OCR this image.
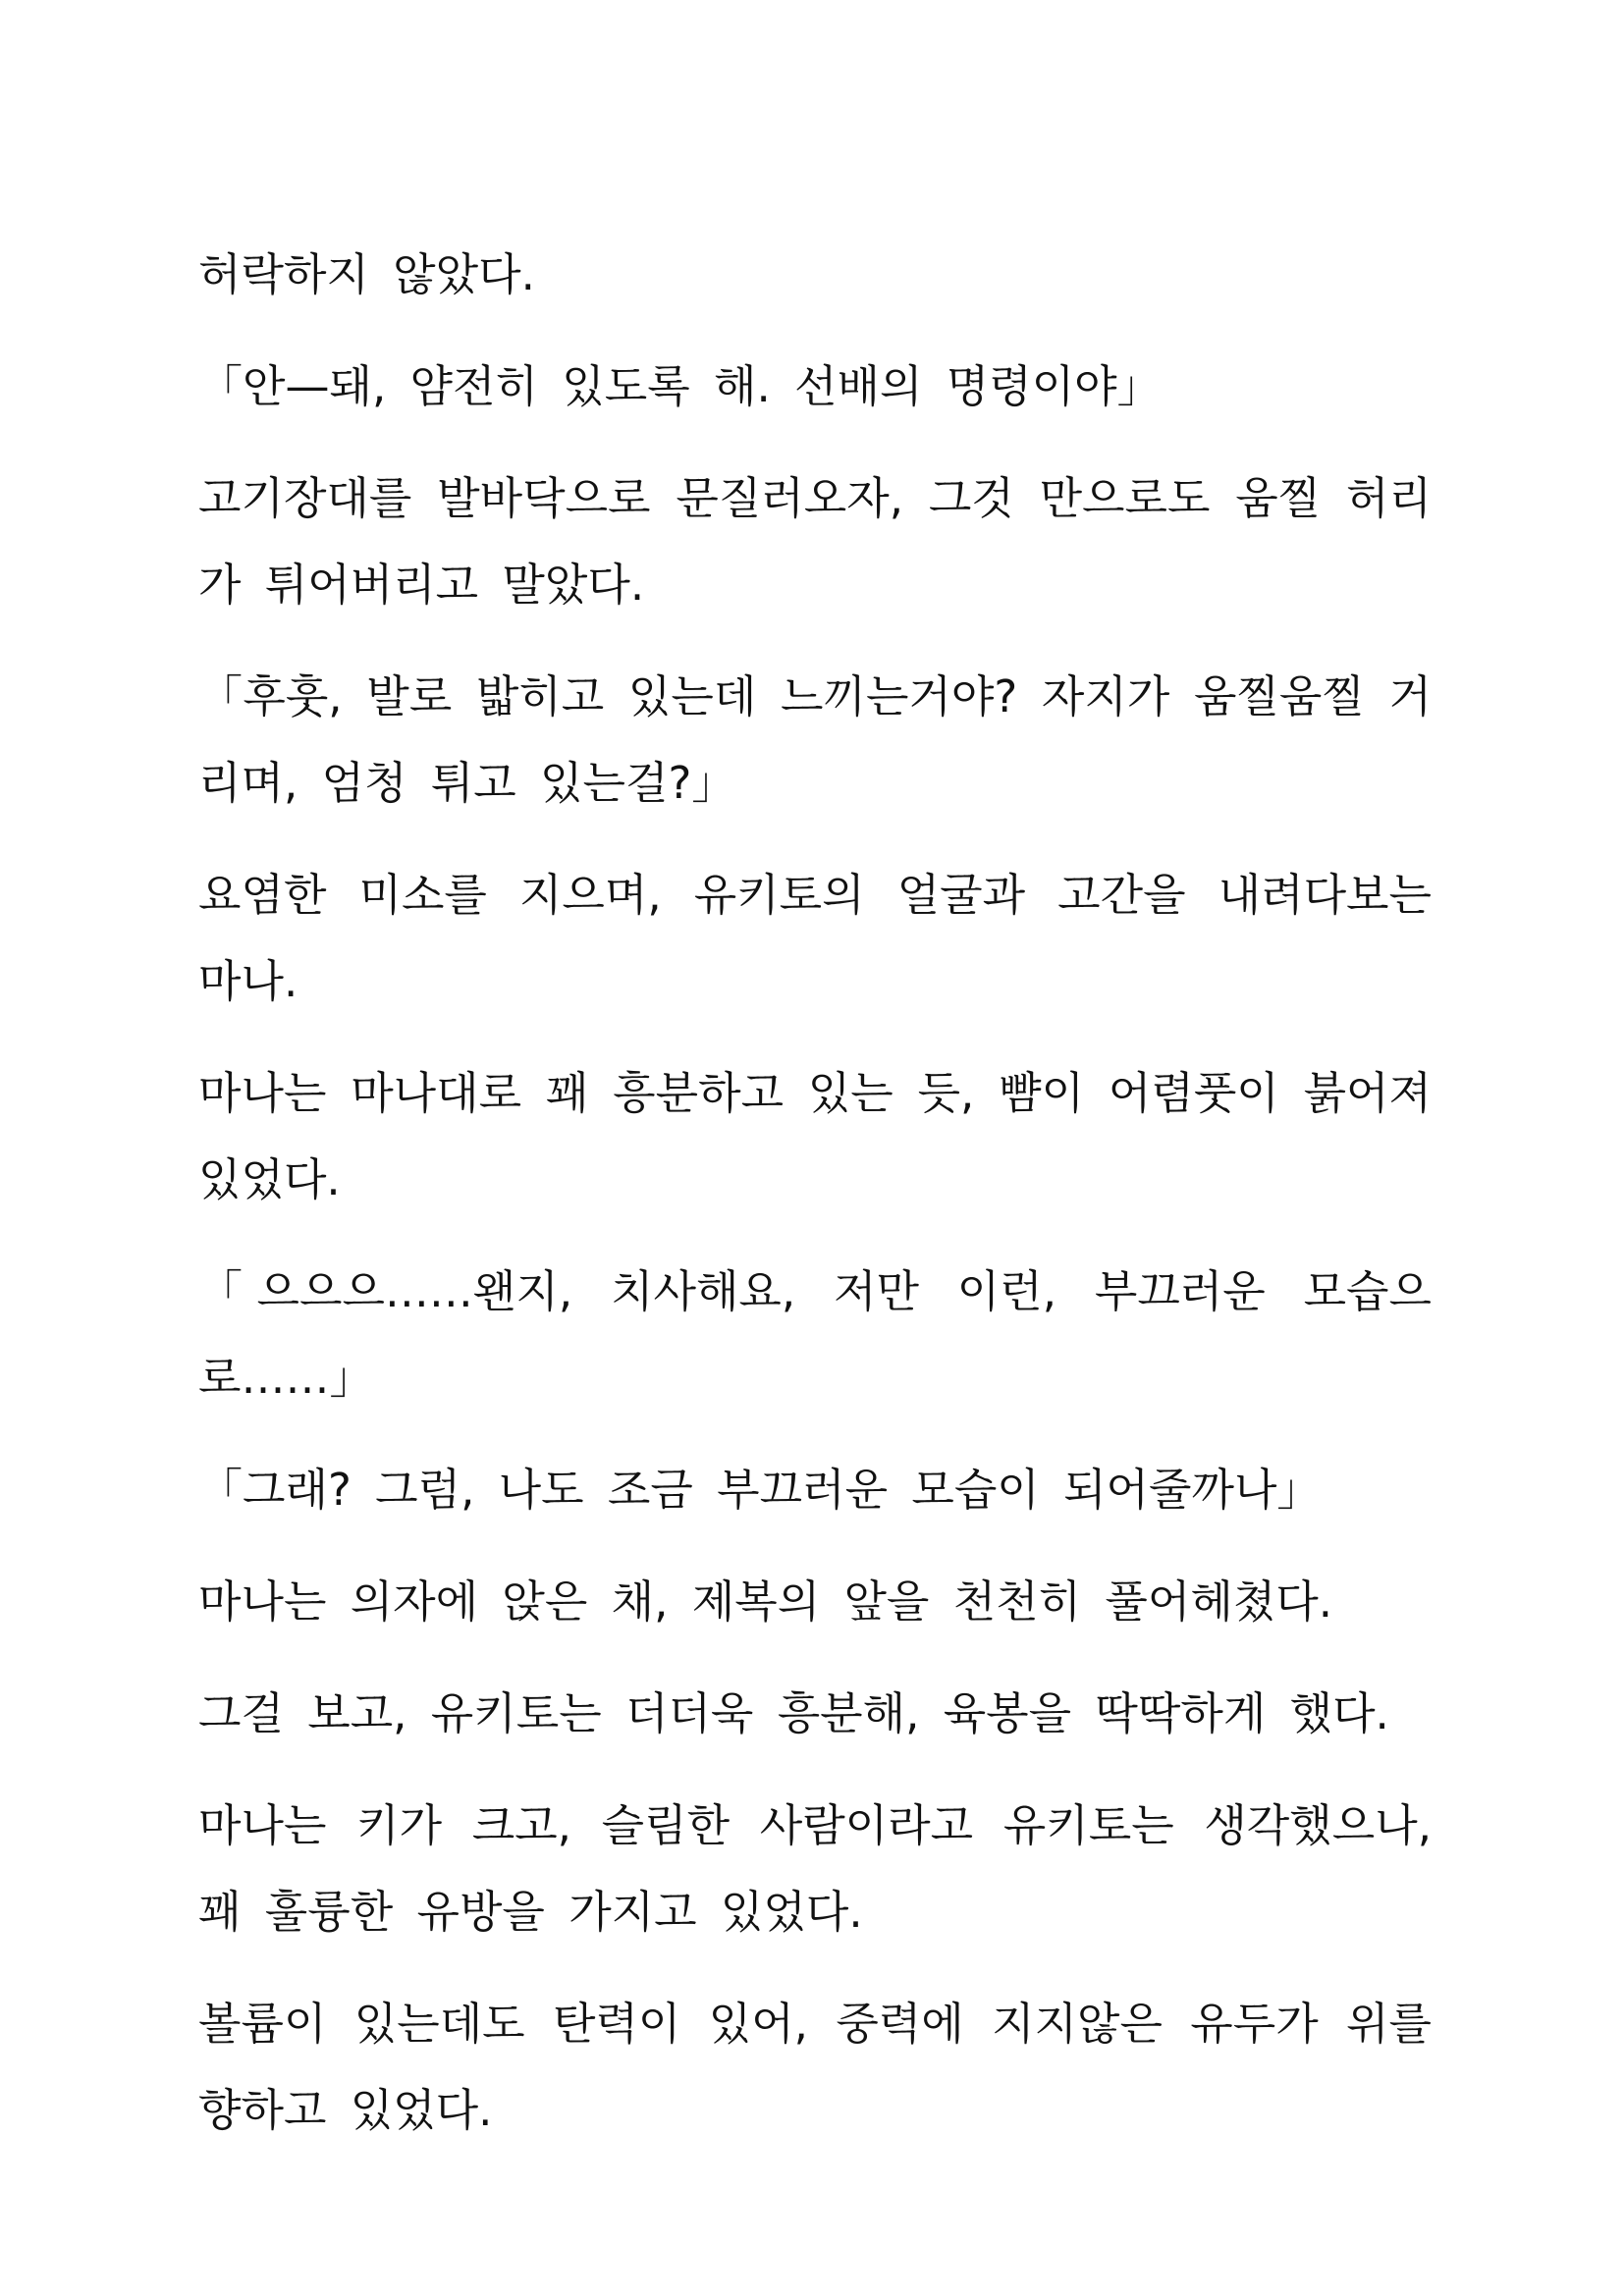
허락하지 않았다.

「안—돼, 얌전히 있도록 해. 선배의 명령이야」

고기장대를 발바닥으로 문질러오자, 그것 만으로도 움찔 허리가 튀어버리고 말았다.

「후훗, 발로 밟히고 있는데 느끼는거야? 자지가 움찔움찔 거리며, 엄청 튀고 있는걸?」

요염한 미소를 지으며, 유키토의 얼굴과 고간을 내려다보는 마나.

마나는 마나대로 꽤 흥분하고 있는 듯, 뺨이 어렴풋이 붉어져 있었다.

「으으으……왠지, 치사해요, 저만 이런, 부끄러운 모습으로……」

「그래? 그럼, 나도 조금 부끄러운 모습이 되어줄까나」

마나는 의자에 앉은 채, 제복의 앞을 천천히 풀어헤쳤다.

그걸 보고, 유키토는 더더욱 흥분해, 육봉을 딱딱하게 했다.

마나는 키가 크고, 슬림한 사람이라고 유키토는 생각했으나, 꽤 훌륭한 유방을 가지고 있었다.

볼륨이 있는데도 탄력이 있어, 중력에 지지않은 유두가 위를 향하고 있었다.
